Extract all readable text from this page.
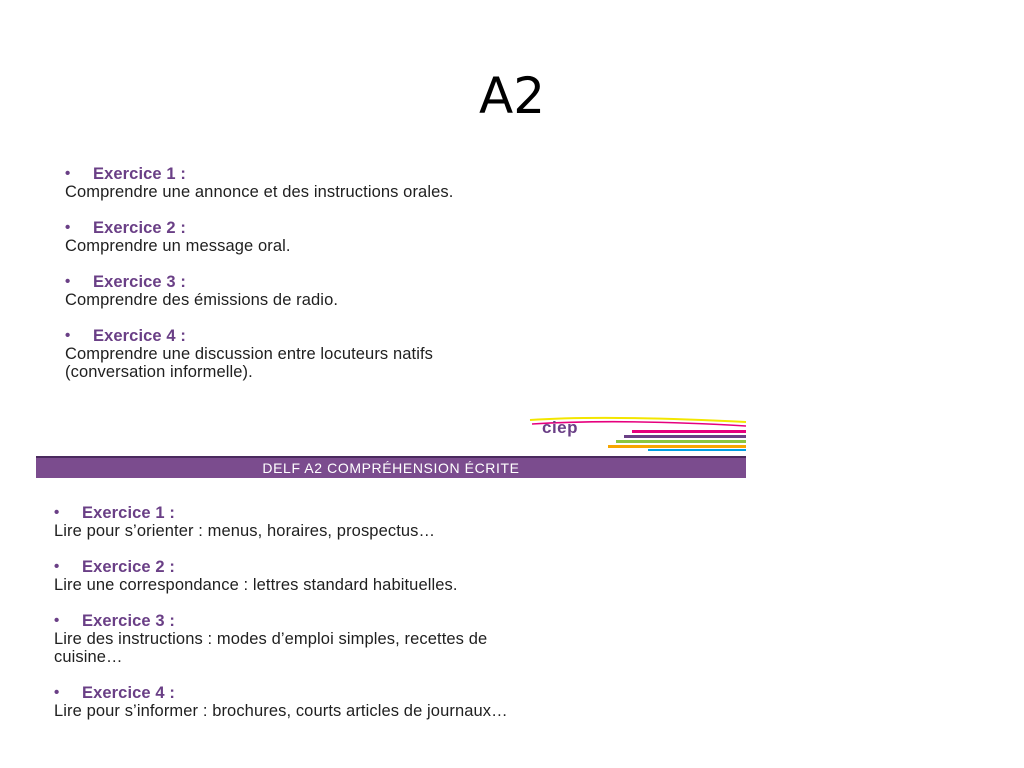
A2
•	Exercice 1 :
Comprendre une annonce et des instructions orales.
•	Exercice 2 :
Comprendre un message oral.
•	Exercice 3 :
Comprendre des émissions de radio.
•	Exercice 4 :
Comprendre une discussion entre locuteurs natifs
(conversation informelle).
ciep
DELF A2 COMPRÉHENSION ÉCRITE
•	Exercice 1 :
Lire pour s’orienter : menus, horaires, prospectus…
•	Exercice 2 :
Lire une correspondance : lettres standard habituelles.
•	Exercice 3 :
Lire des instructions : modes d’emploi simples, recettes de
cuisine…
•	Exercice 4 :
Lire pour s’informer : brochures, courts articles de journaux…
